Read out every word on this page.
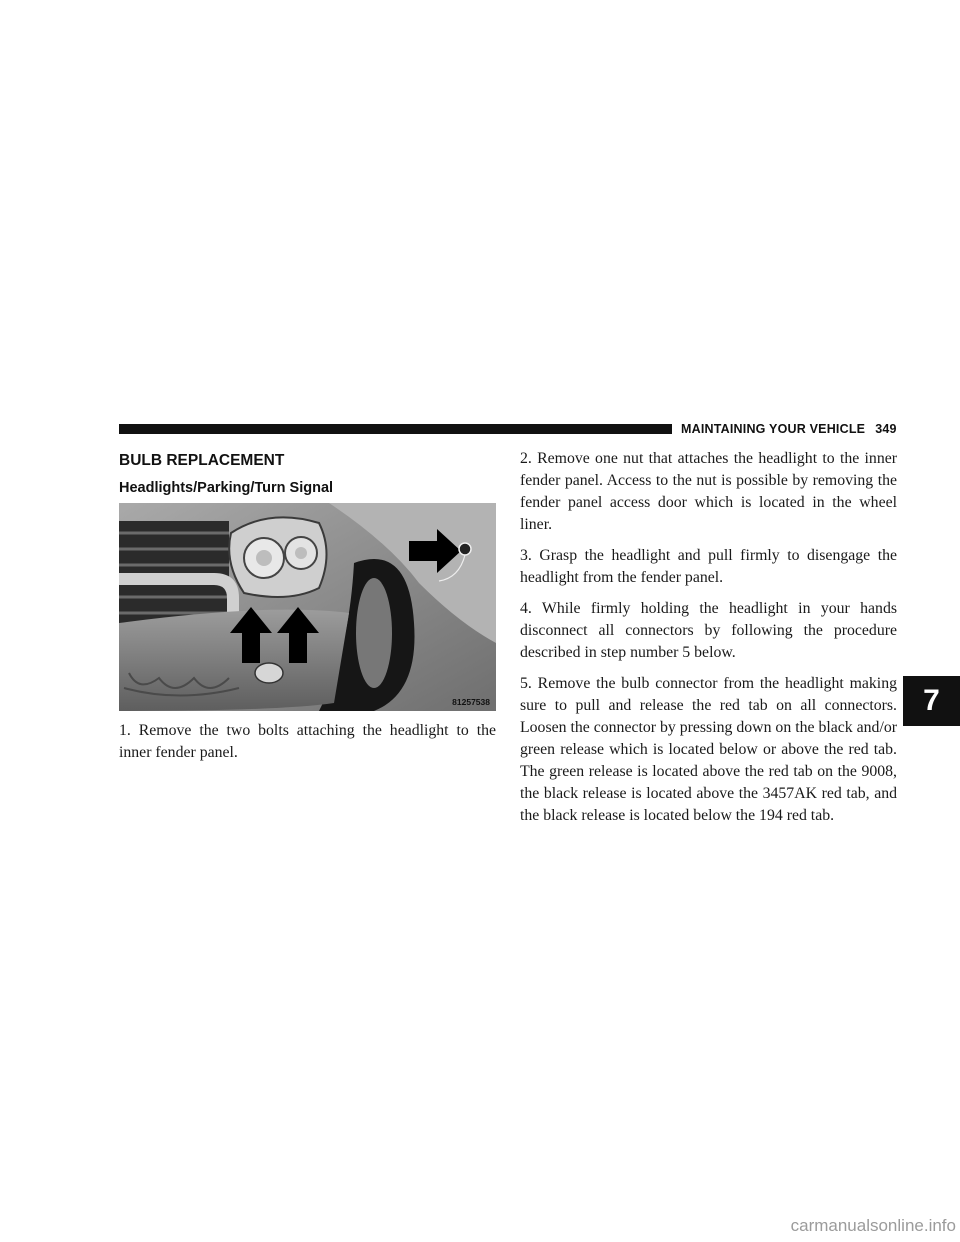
MAINTAINING YOUR VEHICLE 349
BULB REPLACEMENT
Headlights/Parking/Turn Signal
81257538

1. Remove the two bolts attaching the headlight to the inner fender panel.

2. Remove one nut that attaches the headlight to the inner fender panel. Access to the nut is possible by removing the fender panel access door which is located in the wheel liner.

3. Grasp the headlight and pull firmly to disengage the headlight from the fender panel.

4. While firmly holding the headlight in your hands disconnect all connectors by following the procedure described in step number 5 below.

5. Remove the bulb connector from the headlight making sure to pull and release the red tab on all connectors. Loosen the connector by pressing down on the black and/or green release which is located below or above the red tab. The green release is located above the red tab on the 9008, the black release is located above the 3457AK red tab, and the black release is located below the 194 red tab.

7
carmanualsonline.info
